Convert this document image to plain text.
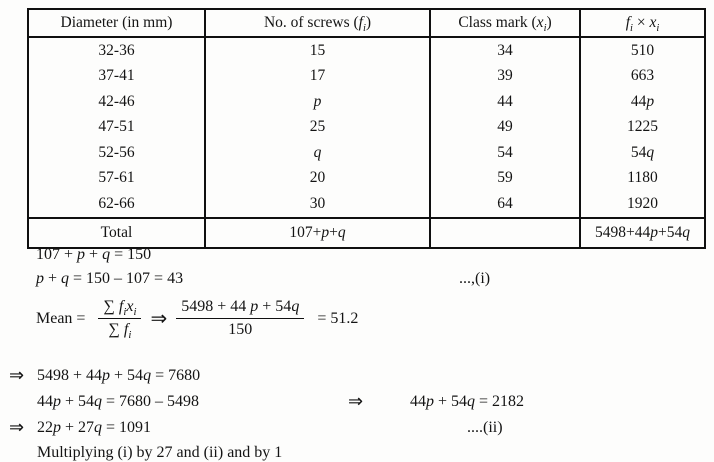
Diameter (in mm)	No. of screws $(f_i)$	Class mark $(x_i)$	$f_i \times x_i$
32-36	15	34	510
37-41	17	39	663
42-46	p	44	44p
47-51	25	49	1225
52-56	q	54	54q
57-61	20	59	1180
62-66	30	64	1920
Total	107+p+q		5498+44p+54q
107 + p + q = 150
p + q = 150 – 107 = 43	...,(i)
Mean = $\frac{\sum f_ix_i}{\sum f_i}$ ⇒ $\frac{5498 + 44 p + 54q}{150} = 51.2$
⇒ 5498 + 44p + 54q = 7680
44p + 54q = 7680 – 5498	⇒	44p + 54q = 2182
⇒ 22p + 27q = 1091	....(ii)
Multiplying (i) by 27 and (ii) and by 1
